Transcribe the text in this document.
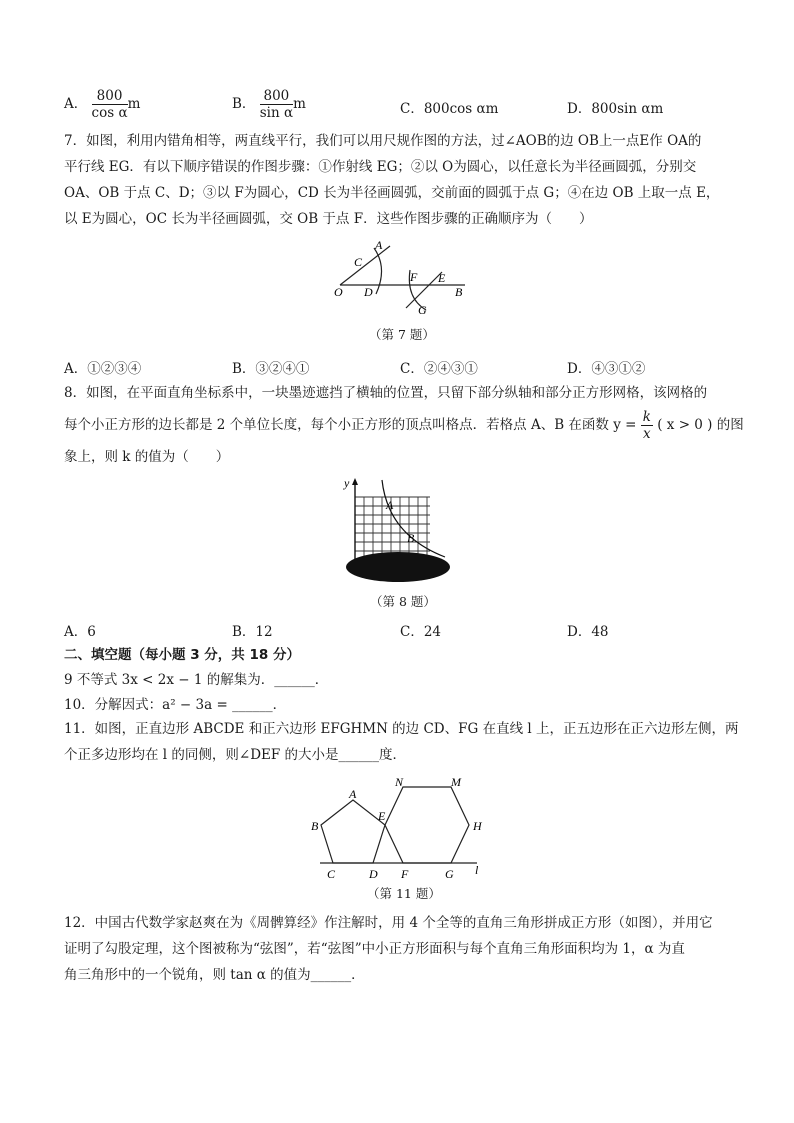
A． $\frac{800}{\text{cos α}}$ m	B． $\frac{800}{\text{sin α}}$ m	C．800cos αm	D．800sin αm
7．如图，利用内错角相等，两直线平行，我们可以用尺规作图的方法，过∠AOB的边 OB上一点E作 OA的
平行线 EG．有以下顺序错误的作图步骤：①作射线 EG；②以 O为圆心，以任意长为半径画圆弧，分别交
OA、OB 于点 C、D；③以 F为圆心，CD 长为半径画圆弧，交前面的圆弧于点 G；④在边 OB 上取一点 E，
以 E为圆心，OC 长为半径画圆弧，交 OB 于点 F．这些作图步骤的正确顺序为（　　）
A
C
O D
F E
B
G
（第 7 题）
A．①②③④	B．③②④①	C．②④③①	D．④③①②
8．如图，在平面直角坐标系中，一块墨迹遮挡了横轴的位置，只留下部分纵轴和部分正方形网格，该网格的
每个小正方形的边长都是 2 个单位长度，每个小正方形的顶点叫格点．若格点 A、B 在函数 $y = \frac{k}{x}$ ( x > 0 ) 的图
象上，则 k 的值为（　　）
y
A
B
（第 8 题）
A．6	B．12	C．24	D．48
二、填空题（每小题 3 分，共 18 分）
9 不等式 3x < 2x − 1 的解集为．______．
10．分解因式：a² − 3a = ______．
11．如图，正直边形 ABCDE 和正六边形 EFGHMN 的边 CD、FG 在直线 l 上，正五边形在正六边形左侧，两
个正多边形均在 l 的同侧，则∠DEF 的大小是______度．
A
B
C	D
E
F	G
H
M
N
l
（第 11 题）
12．中国古代数学家赵爽在为《周髀算经》作注解时，用 4 个全等的直角三角形拼成正方形（如图），并用它
证明了勾股定理，这个图被称为“弦图”，若“弦图”中小正方形面积与每个直角三角形面积均为 1，α 为直
角三角形中的一个锐角，则 tan α 的值为______．
